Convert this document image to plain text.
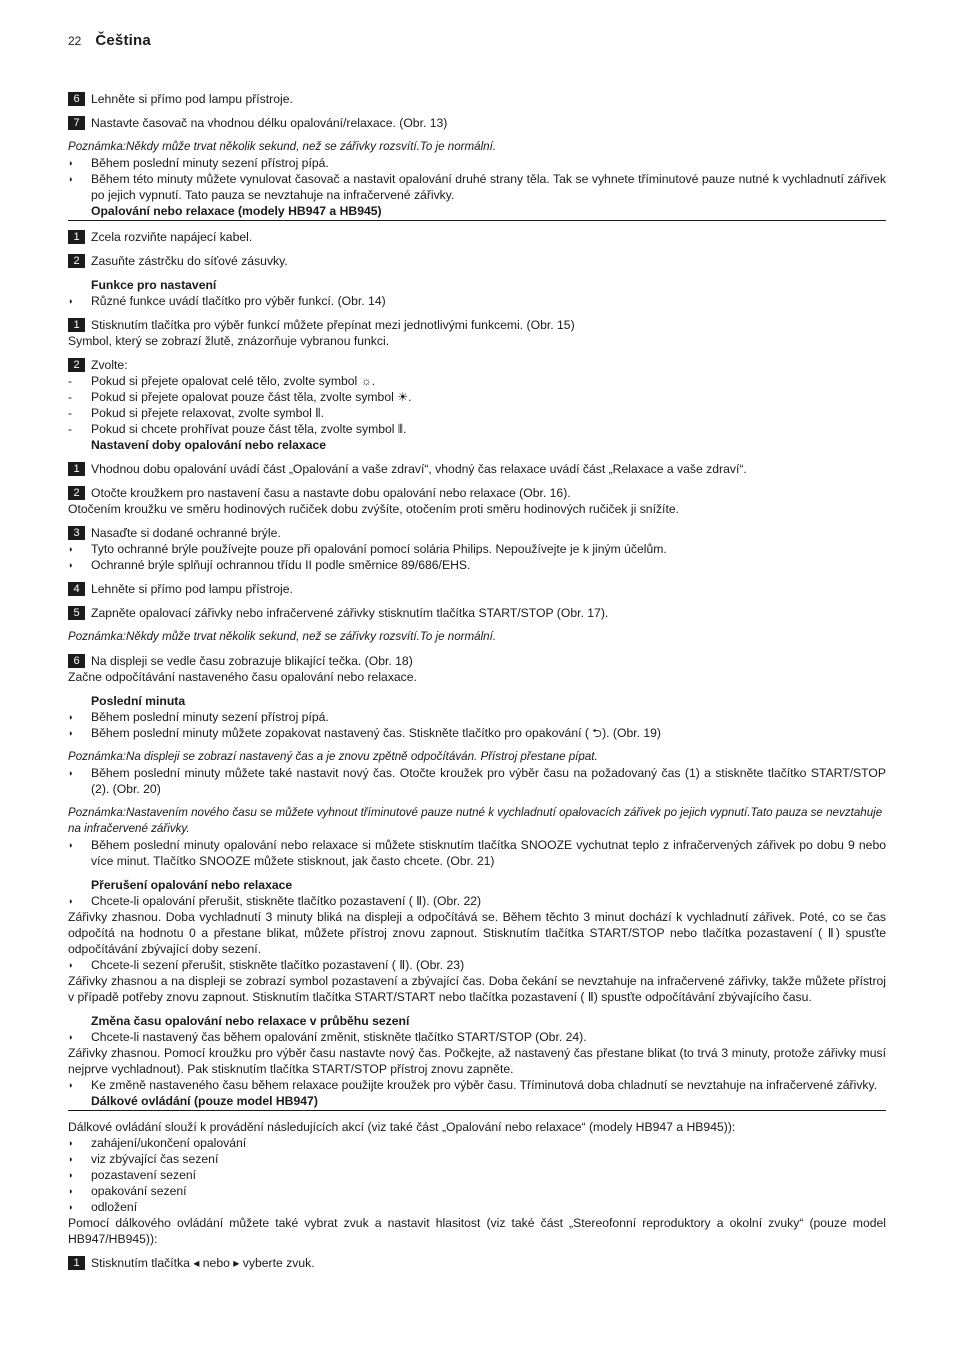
22 Čeština
6 Lehněte si přímo pod lampu přístroje.
7 Nastavte časovač na vhodnou délku opalování/relaxace. (Obr. 13)
Poznámka:Někdy může trvat několik sekund, než se zářivky rozsvítí.To je normální.
◗ Během poslední minuty sezení přístroj pípá.
◗ Během této minuty můžete vynulovat časovač a nastavit opalování druhé strany těla. Tak se vyhnete tříminutové pauze nutné k vychladnutí zářivek po jejich vypnutí. Tato pauza se nevztahuje na infračervené zářivky.
Opalování nebo relaxace (modely HB947 a HB945)
1 Zcela rozviňte napájecí kabel.
2 Zasuňte zástrčku do síťové zásuvky.
Funkce pro nastavení
◗ Různé funkce uvádí tlačítko pro výběr funkcí. (Obr. 14)
1 Stisknutím tlačítka pro výběr funkcí můžete přepínat mezi jednotlivými funkcemi. (Obr. 15)
Symbol, který se zobrazí žlutě, znázorňuje vybranou funkci.
2 Zvolte:
- Pokud si přejete opalovat celé tělo, zvolte symbol ☼.
- Pokud si přejete opalovat pouze část těla, zvolte symbol ☀.
- Pokud si přejete relaxovat, zvolte symbol ⦀.
- Pokud si chcete prohřívat pouze část těla, zvolte symbol ⫴.
Nastavení doby opalování nebo relaxace
1 Vhodnou dobu opalování uvádí část „Opalování a vaše zdraví“, vhodný čas relaxace uvádí část „Relaxace a vaše zdraví“.
2 Otočte kroužkem pro nastavení času a nastavte dobu opalování nebo relaxace (Obr. 16).
Otočením kroužku ve směru hodinových ručiček dobu zvýšíte, otočením proti směru hodinových ručiček ji snížíte.
3 Nasaďte si dodané ochranné brýle.
◗ Tyto ochranné brýle používejte pouze při opalování pomocí solária Philips. Nepoužívejte je k jiným účelům.
◗ Ochranné brýle splňují ochrannou třídu II podle směrnice 89/686/EHS.
4 Lehněte si přímo pod lampu přístroje.
5 Zapněte opalovací zářivky nebo infračervené zářivky stisknutím tlačítka START/STOP (Obr. 17).
Poznámka:Někdy může trvat několik sekund, než se zářivky rozsvítí.To je normální.
6 Na displeji se vedle času zobrazuje blikající tečka. (Obr. 18)
Začne odpočítávání nastaveného času opalování nebo relaxace.
Poslední minuta
◗ Během poslední minuty sezení přístroj pípá.
◗ Během poslední minuty můžete zopakovat nastavený čas. Stiskněte tlačítko pro opakování ( ⮌). (Obr. 19)
Poznámka:Na displeji se zobrazí nastavený čas a je znovu zpětně odpočítáván. Přístroj přestane pípat.
◗ Během poslední minuty můžete také nastavit nový čas. Otočte kroužek pro výběr času na požadovaný čas (1) a stiskněte tlačítko START/STOP (2). (Obr. 20)
Poznámka:Nastavením nového času se můžete vyhnout tříminutové pauze nutné k vychladnutí opalovacích zářivek po jejich vypnutí.Tato pauza se nevztahuje na infračervené zářivky.
◗ Během poslední minuty opalování nebo relaxace si můžete stisknutím tlačítka SNOOZE vychutnat teplo z infračervených zářivek po dobu 9 nebo více minut. Tlačítko SNOOZE můžete stisknout, jak často chcete. (Obr. 21)
Přerušení opalování nebo relaxace
◗ Chcete-li opalování přerušit, stiskněte tlačítko pozastavení ( Ⅱ). (Obr. 22)
Zářivky zhasnou. Doba vychladnutí 3 minuty bliká na displeji a odpočítává se. Během těchto 3 minut dochází k vychladnutí zářivek. Poté, co se čas odpočítá na hodnotu 0 a přestane blikat, můžete přístroj znovu zapnout. Stisknutím tlačítka START/STOP nebo tlačítka pozastavení ( Ⅱ) spusťte odpočítávání zbývající doby sezení.
◗ Chcete-li sezení přerušit, stiskněte tlačítko pozastavení ( Ⅱ). (Obr. 23)
Zářivky zhasnou a na displeji se zobrazí symbol pozastavení a zbývající čas. Doba čekání se nevztahuje na infračervené zářivky, takže můžete přístroj v případě potřeby znovu zapnout. Stisknutím tlačítka START/START nebo tlačítka pozastavení ( Ⅱ) spusťte odpočítávání zbývajícího času.
Změna času opalování nebo relaxace v průběhu sezení
◗ Chcete-li nastavený čas během opalování změnit, stiskněte tlačítko START/STOP (Obr. 24).
Zářivky zhasnou. Pomocí kroužku pro výběr času nastavte nový čas. Počkejte, až nastavený čas přestane blikat (to trvá 3 minuty, protože zářivky musí nejprve vychladnout). Pak stisknutím tlačítka START/STOP přístroj znovu zapněte.
◗ Ke změně nastaveného času během relaxace použijte kroužek pro výběr času. Tříminutová doba chladnutí se nevztahuje na infračervené zářivky.
Dálkové ovládání (pouze model HB947)
Dálkové ovládání slouží k provádění následujících akcí (viz také část „Opalování nebo relaxace“ (modely HB947 a HB945)):
◗ zahájení/ukončení opalování
◗ viz zbývající čas sezení
◗ pozastavení sezení
◗ opakování sezení
◗ odložení
Pomocí dálkového ovládání můžete také vybrat zvuk a nastavit hlasitost (viz také část „Stereofonní reproduktory a okolní zvuky“ (pouze model HB947/HB945)):
1 Stisknutím tlačítka ◂ nebo ▸ vyberte zvuk.
